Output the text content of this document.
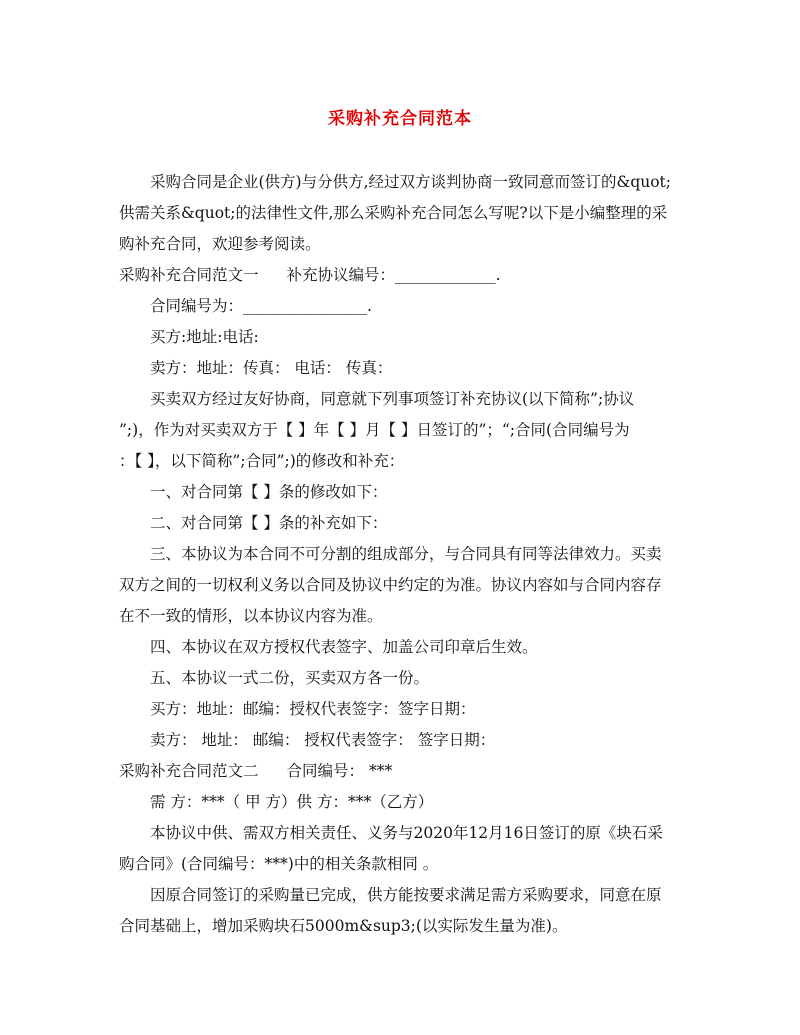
采购补充合同范本
采购合同是企业(供方)与分供方,经过双方谈判协商一致同意而签订的&quot;
供需关系&quot;的法律性文件,那么采购补充合同怎么写呢?以下是小编整理的采
购补充合同，欢迎参考阅读。
采购补充合同范文一 补充协议编号：_____________.
合同编号为：________________.
买方:地址:电话:
卖方：地址：传真： 电话： 传真：
买卖双方经过友好协商，同意就下列事项签订补充协议(以下简称”;协议
”;)，作为对买卖双方于【 】年【 】月【 】日签订的”；“;合同(合同编号为
：【 】，以下简称”;合同”;)的修改和补充：
一、对合同第【 】条的修改如下：
二、对合同第【 】条的补充如下：
三、本协议为本合同不可分割的组成部分，与合同具有同等法律效力。买卖
双方之间的一切权利义务以合同及协议中约定的为准。协议内容如与合同内容存
在不一致的情形，以本协议内容为准。
四、本协议在双方授权代表签字、加盖公司印章后生效。
五、本协议一式二份，买卖双方各一份。
买方：地址：邮编：授权代表签字：签字日期：
卖方： 地址： 邮编： 授权代表签字： 签字日期：
采购补充合同范文二 合同编号： ***
需 方：***（ 甲 方）供 方：***（乙方）
本协议中供、需双方相关责任、义务与2020年12月16日签订的原《块石采
购合同》(合同编号：***)中的相关条款相同 。
因原合同签订的采购量已完成，供方能按要求满足需方采购要求，同意在原
合同基础上，增加采购块石5000m&sup3;(以实际发生量为准)。
